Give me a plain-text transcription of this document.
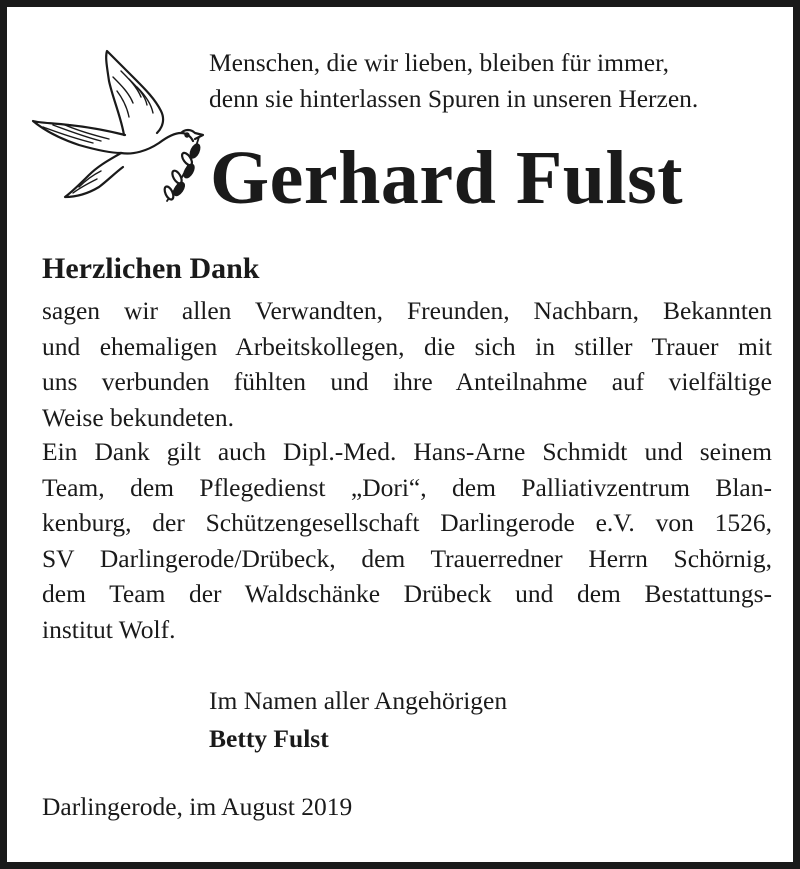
Menschen, die wir lieben, bleiben für immer,
denn sie hinterlassen Spuren in unseren Herzen.
Gerhard Fulst
Herzlichen Dank
sagen wir allen Verwandten, Freunden, Nachbarn, Bekannten
und ehemaligen Arbeitskollegen, die sich in stiller Trauer mit
uns verbunden fühlten und ihre Anteilnahme auf vielfältige
Weise bekundeten.
Ein Dank gilt auch Dipl.-Med. Hans-Arne Schmidt und seinem
Team, dem Pflegedienst „Dori“, dem Palliativzentrum Blan-
kenburg, der Schützengesellschaft Darlingerode e.V. von 1526,
SV Darlingerode/Drübeck, dem Trauerredner Herrn Schörnig,
dem Team der Waldschänke Drübeck und dem Bestattungs-
institut Wolf.
Im Namen aller Angehörigen
Betty Fulst
Darlingerode, im August 2019
